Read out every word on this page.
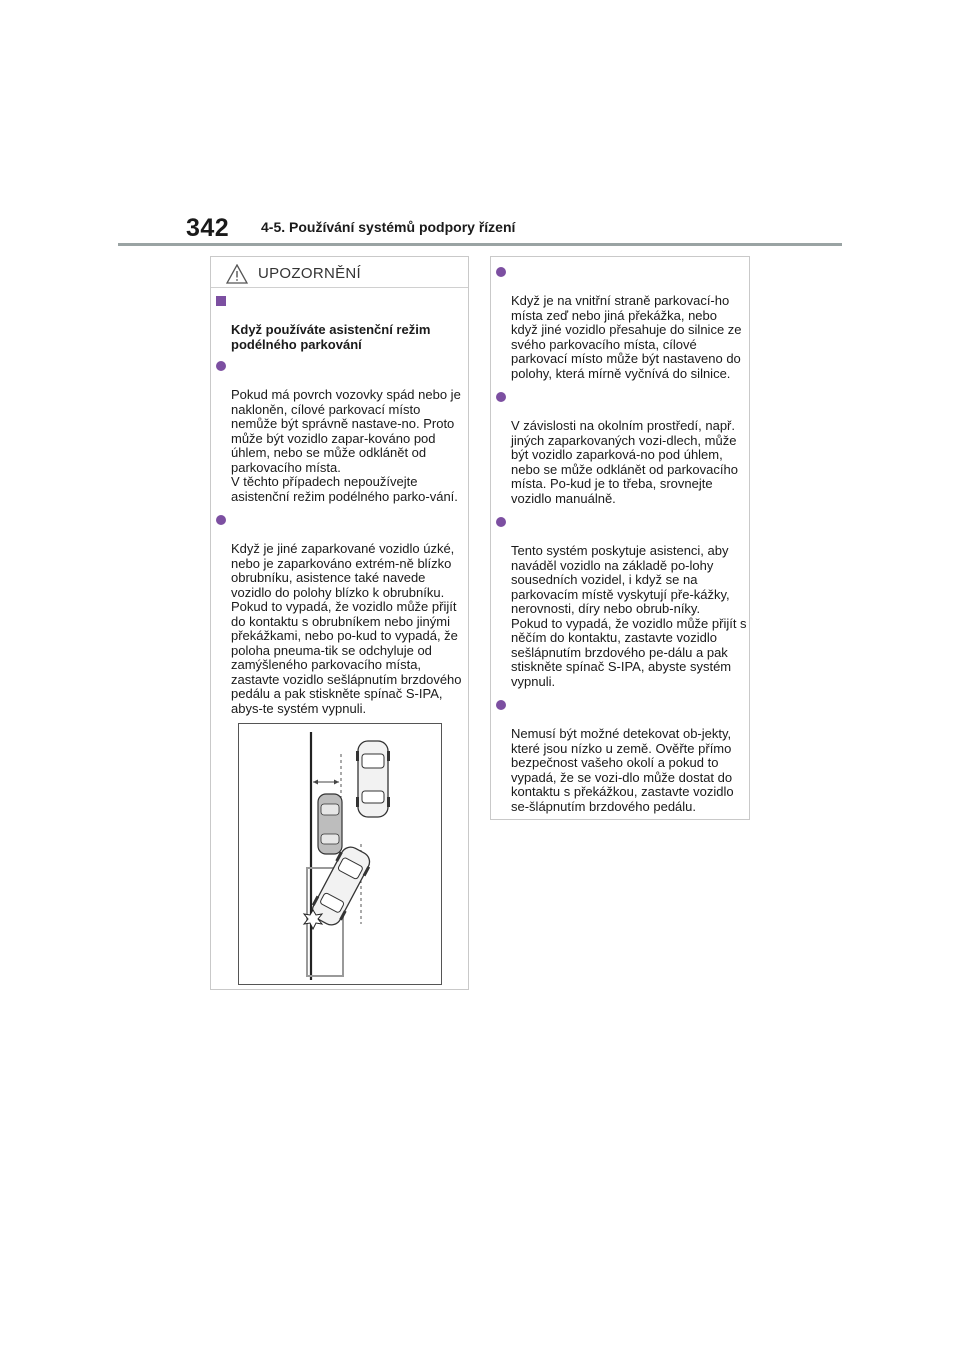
342 4-5. Používání systémů podpory řízení
UPOZORNĚNÍ

Když používáte asistenční režim podélného parkování

Pokud má povrch vozovky spád nebo je nakloněn, cílové parkovací místo nemůže být správně nastave-no. Proto může být vozidlo zapar-kováno pod úhlem, nebo se může odklánět od parkovacího místa.
V těchto případech nepoužívejte asistenční režim podélného parko-vání.

Když je jiné zaparkované vozidlo úzké, nebo je zaparkováno extrém-ně blízko obrubníku, asistence také navede vozidlo do polohy blízko k obrubníku.
Pokud to vypadá, že vozidlo může přijít do kontaktu s obrubníkem nebo jinými překážkami, nebo po-kud to vypadá, že poloha pneuma-tik se odchyluje od zamýšleného parkovacího místa, zastavte vozidlo sešlápnutím brzdového pedálu a pak stiskněte spínač S-IPA, abys-te systém vypnuli.

Když je na vnitřní straně parkovací-ho místa zeď nebo jiná překážka, nebo když jiné vozidlo přesahuje do silnice ze svého parkovacího místa, cílové parkovací místo může být nastaveno do polohy, která mírně vyčnívá do silnice.

V závislosti na okolním prostředí, např. jiných zaparkovaných vozi-dlech, může být vozidlo zaparková-no pod úhlem, nebo se může odklánět od parkovacího místa. Po-kud je to třeba, srovnejte vozidlo manuálně.

Tento systém poskytuje asistenci, aby naváděl vozidlo na základě po-lohy sousedních vozidel, i když se na parkovacím místě vyskytují pře-kážky, nerovnosti, díry nebo obrub-níky.
Pokud to vypadá, že vozidlo může přijít s něčím do kontaktu, zastavte vozidlo sešlápnutím brzdového pe-dálu a pak stiskněte spínač S-IPA, abyste systém vypnuli.

Nemusí být možné detekovat ob-jekty, které jsou nízko u země. Ověřte přímo bezpečnost vašeho okolí a pokud to vypadá, že se vozi-dlo může dostat do kontaktu s překážkou, zastavte vozidlo se-šlápnutím brzdového pedálu.
